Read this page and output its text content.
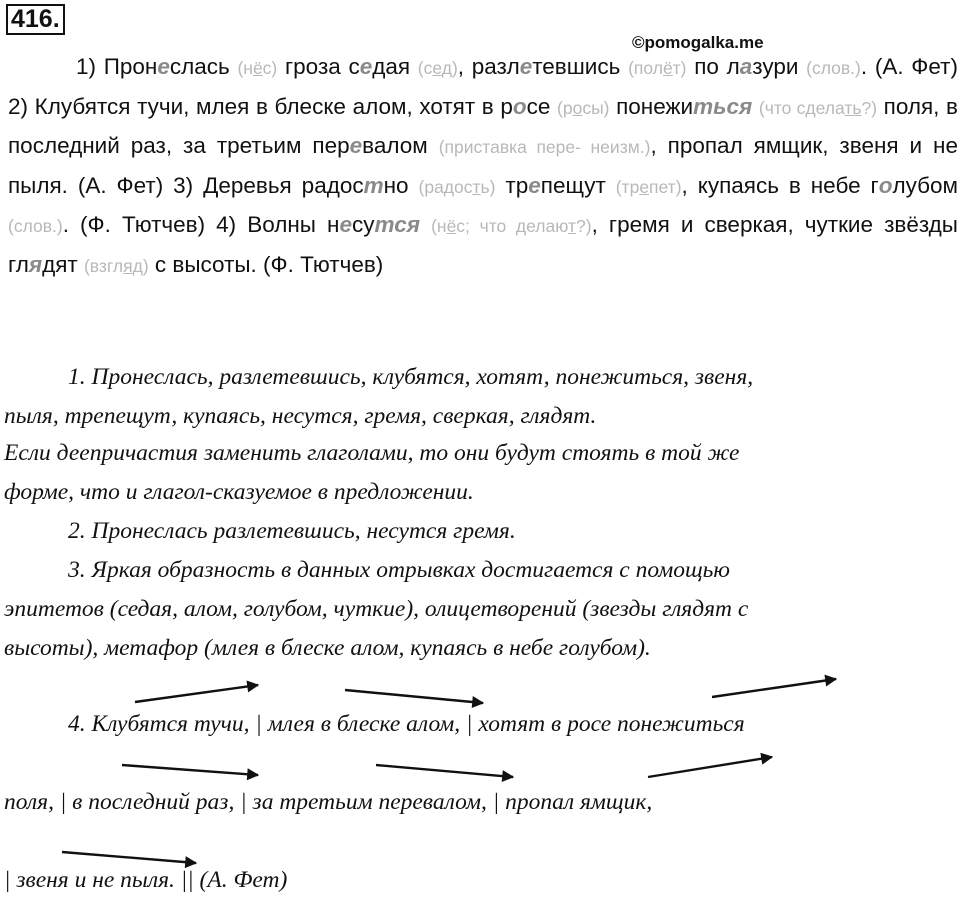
416.
©pomogalka.me
1) Пронеслась (нёс) гроза седая (сед), разлетевшись (полёт) по лазури (слов.). (А. Фет) 2) Клубятся тучи, млея в блеске алом, хотят в росе (росы) понежиться (что сделать?) поля, в последний раз, за третьим перевалом (приставка пере- неизм.), пропал ямщик, звеня и не пыля. (А. Фет) 3) Деревья радостно (радость) трепещут (трепет), купаясь в небе голубом (слов.). (Ф. Тютчев) 4) Волны несутся (нёс; что делают?), гремя и сверкая, чуткие звёзды глядят (взгляд) с высоты. (Ф. Тютчев)
1. Пронеслась, разлетевшись, клубятся, хотят, понежиться, звеня,
пыля, трепещут, купаясь, несутся, гремя, сверкая, глядят.
Если деепричастия заменить глаголами, то они будут стоять в той же
форме, что и глагол-сказуемое в предложении.
2. Пронеслась разлетевшись, несутся гремя.
3. Яркая образность в данных отрывках достигается с помощью
эпитетов (седая, алом, голубом, чуткие), олицетворений (звезды глядят с
высоты), метафор (млея в блеске алом, купаясь в небе голубом).
4. Клубятся тучи, | млея в блеске алом, | хотят в росе понежиться
поля, | в последний раз, | за третьим перевалом, | пропал ямщик,
| звеня и не пыля. || (А. Фет)
